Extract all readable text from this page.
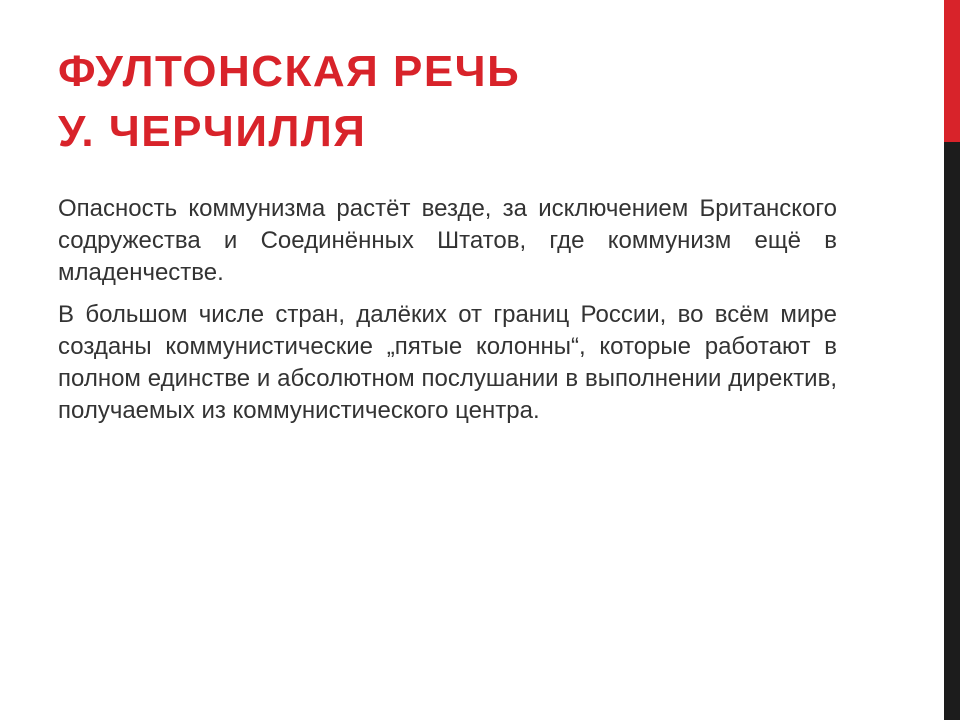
ФУЛТОНСКАЯ РЕЧЬ
У. ЧЕРЧИЛЛЯ

Опасность коммунизма растёт везде, за исключением Британского содружества и Соединённых Штатов, где коммунизм ещё в младенчестве.

В большом числе стран, далёких от границ России, во всём мире созданы коммунистические „пятые колонны“, которые работают в полном единстве и абсолютном послушании в выполнении директив, получаемых из коммунистического центра.
